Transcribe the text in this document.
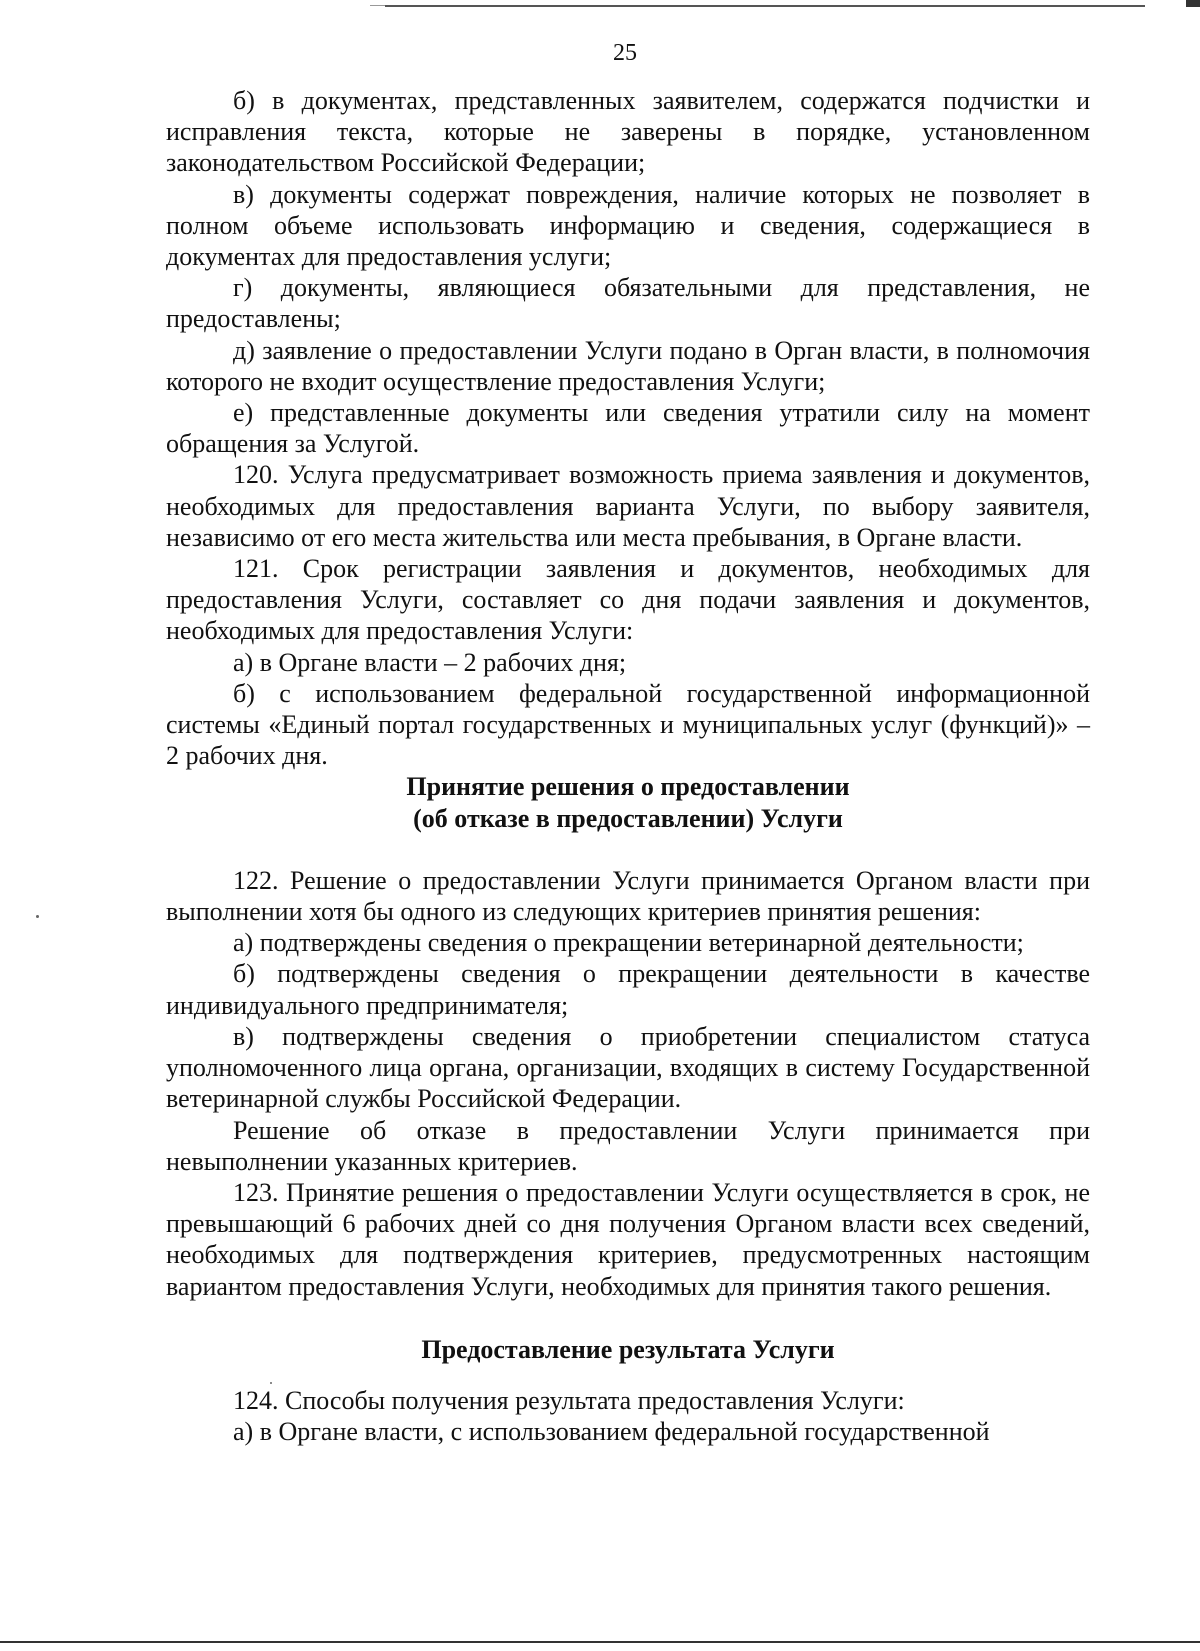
25

б) в документах, представленных заявителем, содержатся подчистки и исправления текста, которые не заверены в порядке, установленном законодательством Российской Федерации;

в) документы содержат повреждения, наличие которых не позволяет в полном объеме использовать информацию и сведения, содержащиеся в документах для предоставления услуги;

г) документы, являющиеся обязательными для представления, не предоставлены;

д) заявление о предоставлении Услуги подано в Орган власти, в полномочия которого не входит осуществление предоставления Услуги;

е) представленные документы или сведения утратили силу на момент обращения за Услугой.

120. Услуга предусматривает возможность приема заявления и документов, необходимых для предоставления варианта Услуги, по выбору заявителя, независимо от его места жительства или места пребывания, в Органе власти.

121. Срок регистрации заявления и документов, необходимых для предоставления Услуги, составляет со дня подачи заявления и документов, необходимых для предоставления Услуги:

а) в Органе власти – 2 рабочих дня;

б) с использованием федеральной государственной информационной системы «Единый портал государственных и муниципальных услуг (функций)» – 2 рабочих дня.

Принятие решения о предоставлении
(об отказе в предоставлении) Услуги

122. Решение о предоставлении Услуги принимается Органом власти при выполнении хотя бы одного из следующих критериев принятия решения:

а) подтверждены сведения о прекращении ветеринарной деятельности;

б) подтверждены сведения о прекращении деятельности в качестве индивидуального предпринимателя;

в) подтверждены сведения о приобретении специалистом статуса уполномоченного лица органа, организации, входящих в систему Государственной ветеринарной службы Российской Федерации.

Решение об отказе в предоставлении Услуги принимается при невыполнении указанных критериев.

123. Принятие решения о предоставлении Услуги осуществляется в срок, не превышающий 6 рабочих дней со дня получения Органом власти всех сведений, необходимых для подтверждения критериев, предусмотренных настоящим вариантом предоставления Услуги, необходимых для принятия такого решения.

Предоставление результата Услуги

124. Способы получения результата предоставления Услуги:

а) в Органе власти, с использованием федеральной государственной
